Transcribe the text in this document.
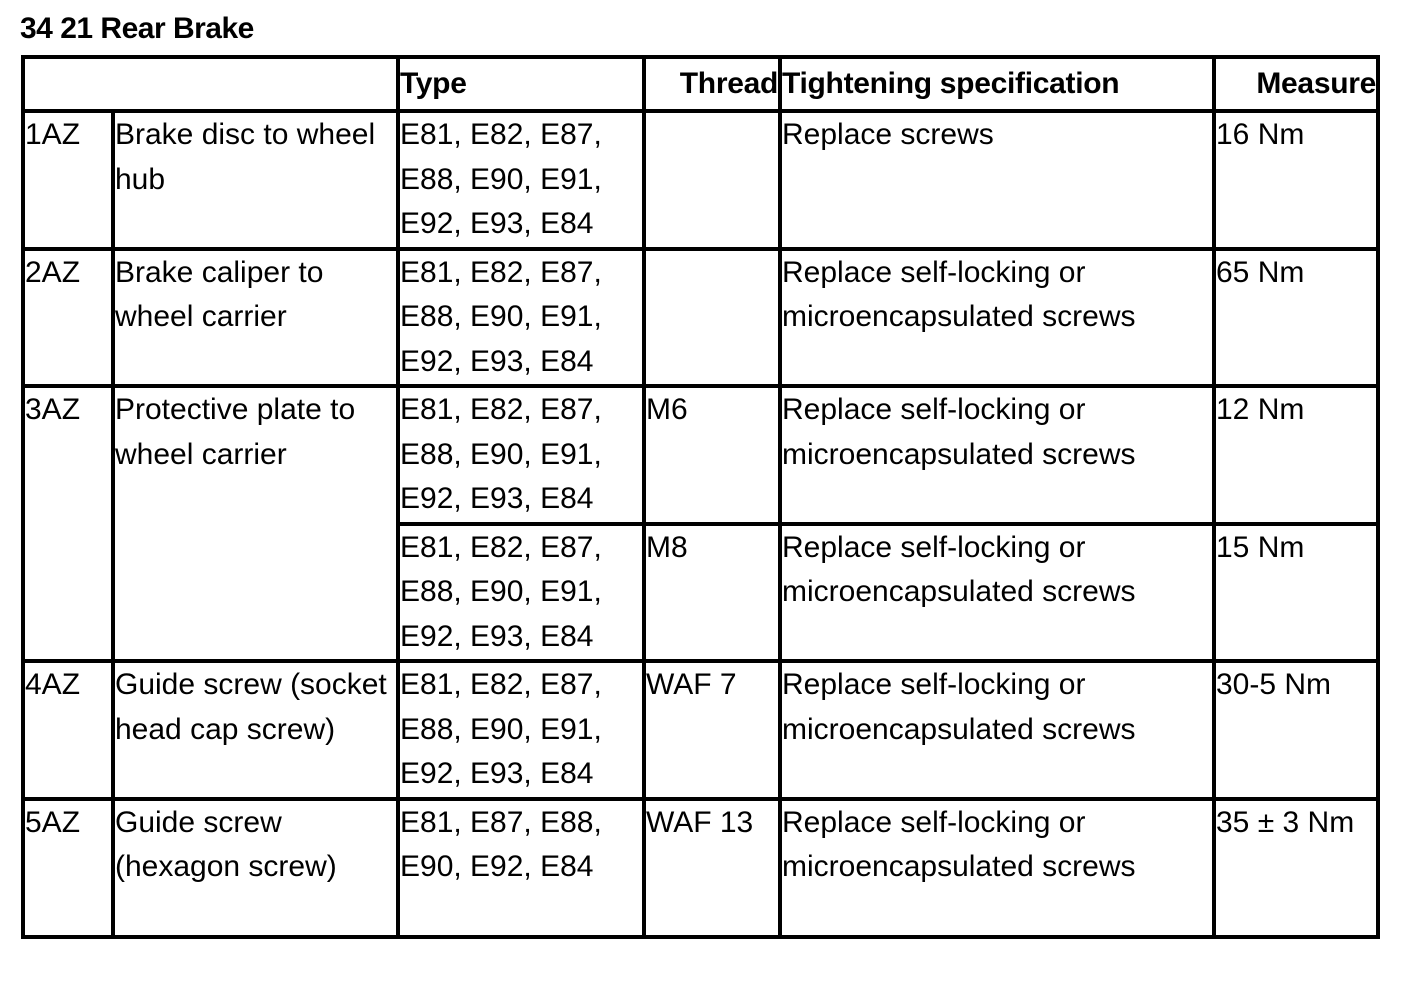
34 21 Rear Brake
		Type	Thread	Tightening specification	Measure
1AZ	Brake disc to wheel hub	E81, E82, E87, E88, E90, E91, E92, E93, E84		Replace screws	16 Nm
2AZ	Brake caliper to wheel carrier	E81, E82, E87, E88, E90, E91, E92, E93, E84		Replace self-locking or microencapsulated screws	65 Nm
3AZ	Protective plate to wheel carrier	E81, E82, E87, E88, E90, E91, E92, E93, E84	M6	Replace self-locking or microencapsulated screws	12 Nm
		E81, E82, E87, E88, E90, E91, E92, E93, E84	M8	Replace self-locking or microencapsulated screws	15 Nm
4AZ	Guide screw (socket head cap screw)	E81, E82, E87, E88, E90, E91, E92, E93, E84	WAF 7	Replace self-locking or microencapsulated screws	30-5 Nm
5AZ	Guide screw (hexagon screw)	E81, E87, E88, E90, E92, E84	WAF 13	Replace self-locking or microencapsulated screws	35 ± 3 Nm
